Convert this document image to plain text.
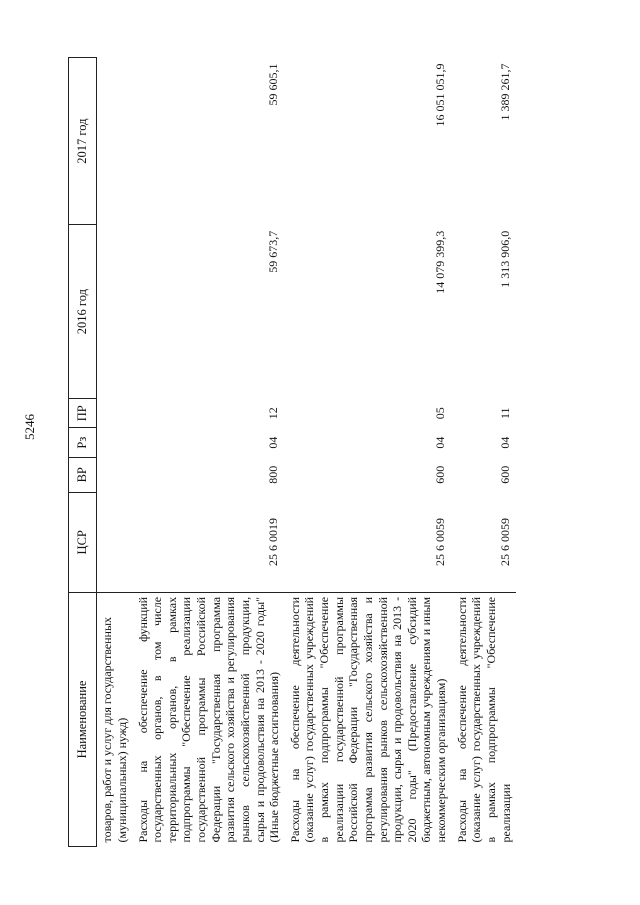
5246
Наименование	ЦСР	ВР	Рз	ПР	2016 год	2017 год
товаров, работ и услуг для государственных (муниципальных) нужд)						
Расходы на обеспечение функций государственных органов, в том числе территориальных органов, в рамках подпрограммы "Обеспечение реализации государственной программы Российской Федерации "Государственная программа развития сельского хозяйства и регулирования рынков сельскохозяйственной продукции, сырья и продовольствия на 2013 - 2020 годы" (Иные бюджетные ассигнования)	25 6 0019	800	04	12	59 673,7	59 605,1
Расходы на обеспечение деятельности (оказание услуг) государственных учреждений в рамках подпрограммы "Обеспечение реализации государственной программы Российской Федерации "Государственная программа развития сельского хозяйства и регулирования рынков сельскохозяйственной продукции, сырья и продовольствия на 2013 - 2020 годы" (Предоставление субсидий бюджетным, автономным учреждениям и иным некоммерческим организациям)	25 6 0059	600	04	05	14 079 399,3	16 051 051,9
Расходы на обеспечение деятельности (оказание услуг) государственных учреждений в рамках подпрограммы "Обеспечение реализации	25 6 0059	600	04	11	1 313 906,0	1 389 261,7
